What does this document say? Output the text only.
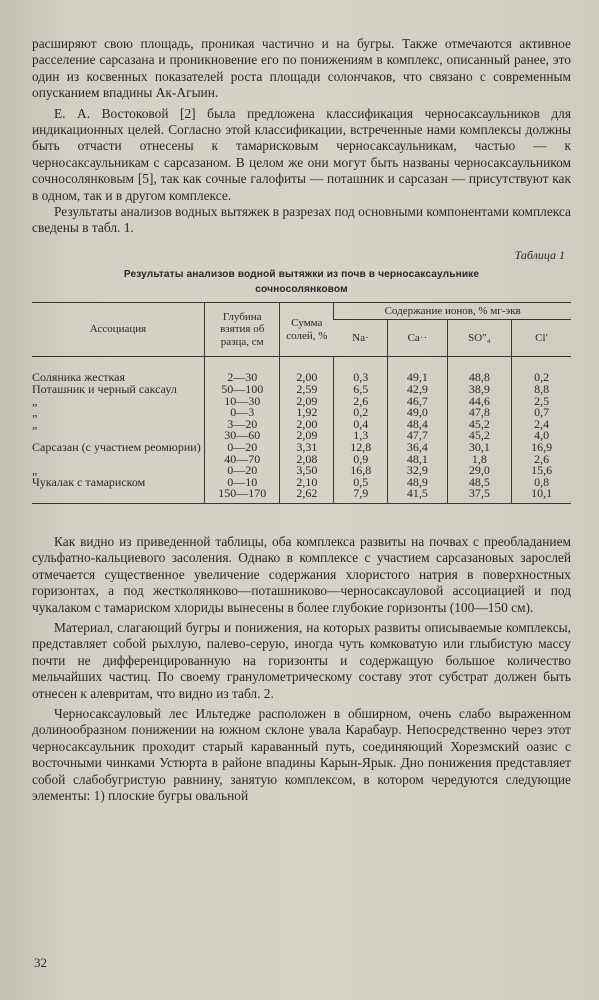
расширяют свою площадь, проникая частично и на бугры. Также отмечаются активное расселение сарсазана и проникновение его по понижениям в комплекс, описанный ранее, это один из косвенных показателей роста площади солончаков, что связано с современным опусканием впадины Ак-Агыин.

Е. А. Востоковой [2] была предложена классификация черносаксаульников для индикационных целей. Согласно этой классификации, встреченные нами комплексы должны быть отчасти отнесены к тамарисковым черносаксаульникам, частью — к черносаксаульникам с сарсазаном. В целом же они могут быть названы черносаксаульником сочносолянковым [5], так как сочные галофиты — поташник и сарсазан — присутствуют как в одном, так и в другом комплексе.

Результаты анализов водных вытяжек в разрезах под основными компонентами комплекса сведены в табл. 1.

Таблица 1
Результаты анализов водной вытяжки из почв в черносаксаульнике
сочносолянковом
Ассоциация	Глубина взятия об разца, см	Сумма солей, %	Содержание ионов, % мг-экв			
			Na·	Ca··	SO″₄	Cl′

Соляника жесткая	2—30	2,00	0,3	49,1	48,8	0,2
Поташник и черный саксаул	50—100	2,59	6,5	42,9	38,9	8,8
„	10—30	2,09	2,6	46,7	44,6	2,5
„	0—3	1,92	0,2	49,0	47,8	0,7
„	3—20	2,00	0,4	48,4	45,2	2,4
	30—60	2,09	1,3	47,7	45,2	4,0
Сарсазан (с участием реомюрии)	0—20	3,31	12,8	36,4	30,1	16,9
	40—70	2,08	0,9	48,1	1,8	2,6
„	0—20	3,50	16,8	32,9	29,0	15,6
Чукалак с тамариском	0—10	2,10	0,5	48,9	48,5	0,8
	150—170	2,62	7,9	41,5	37,5	10,1

Как видно из приведенной таблицы, оба комплекса развиты на почвах с преобладанием сульфатно-кальциевого засоления. Однако в комплексе с участием сарсазановых зарослей отмечается существенное увеличение содержания хлористого натрия в поверхностных горизонтах, а под жестколянково—поташниково—черносаксауловой ассоциацией и под чукалаком с тамариском хлориды вынесены в более глубокие горизонты (100—150 см).

Материал, слагающий бугры и понижения, на которых развиты описываемые комплексы, представляет собой рыхлую, палево-серую, иногда чуть комковатую или глыбистую массу почти не дифференцированную на горизонты и содержащую большое количество мельчайших частиц. По своему гранулометрическому составу этот субстрат должен быть отнесен к алевритам, что видно из табл. 2.

Черносаксауловый лес Ильтедже расположен в обширном, очень слабо выраженном долинообразном понижении на южном склоне увала Карабаур. Непосредственно через этот черносаксаульник проходит старый караванный путь, соединяющий Хорезмский оазис с восточными чинками Устюрта в районе впадины Карын-Ярык. Дно понижения представляет собой слабобугристую равнину, занятую комплексом, в котором чередуются следующие элементы: 1) плоские бугры овальной

32
